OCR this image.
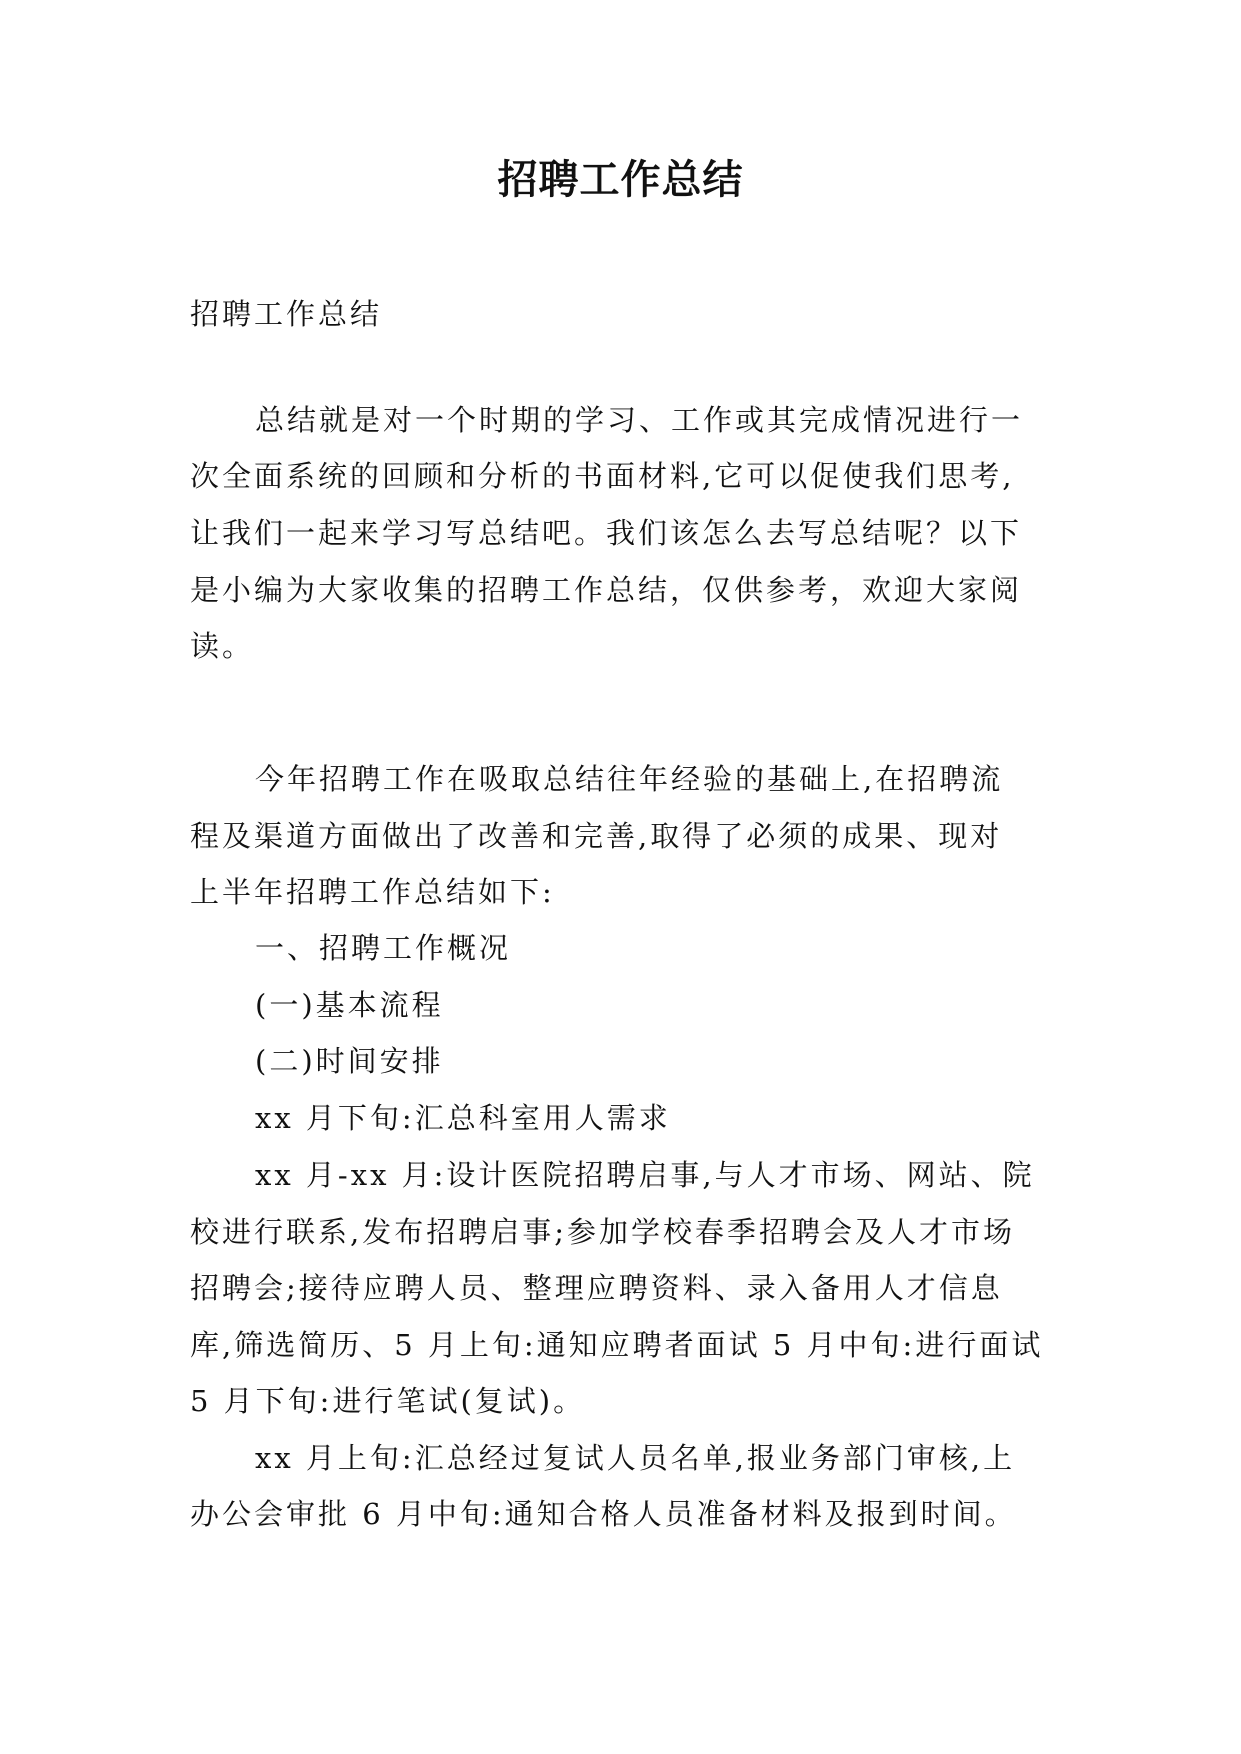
招聘工作总结
招聘工作总结
总结就是对一个时期的学习、工作或其完成情况进行一
次全面系统的回顾和分析的书面材料,它可以促使我们思考,
让我们一起来学习写总结吧。我们该怎么去写总结呢？以下
是小编为大家收集的招聘工作总结，仅供参考，欢迎大家阅
读。
今年招聘工作在吸取总结往年经验的基础上,在招聘流
程及渠道方面做出了改善和完善,取得了必须的成果、现对
上半年招聘工作总结如下:
一、招聘工作概况
(一)基本流程
(二)时间安排
xx 月下旬:汇总科室用人需求
xx 月-xx 月:设计医院招聘启事,与人才市场、网站、院
校进行联系,发布招聘启事;参加学校春季招聘会及人才市场
招聘会;接待应聘人员、整理应聘资料、录入备用人才信息
库,筛选简历、5 月上旬:通知应聘者面试 5 月中旬:进行面试
5 月下旬:进行笔试(复试)。
xx 月上旬:汇总经过复试人员名单,报业务部门审核,上
办公会审批 6 月中旬:通知合格人员准备材料及报到时间。
